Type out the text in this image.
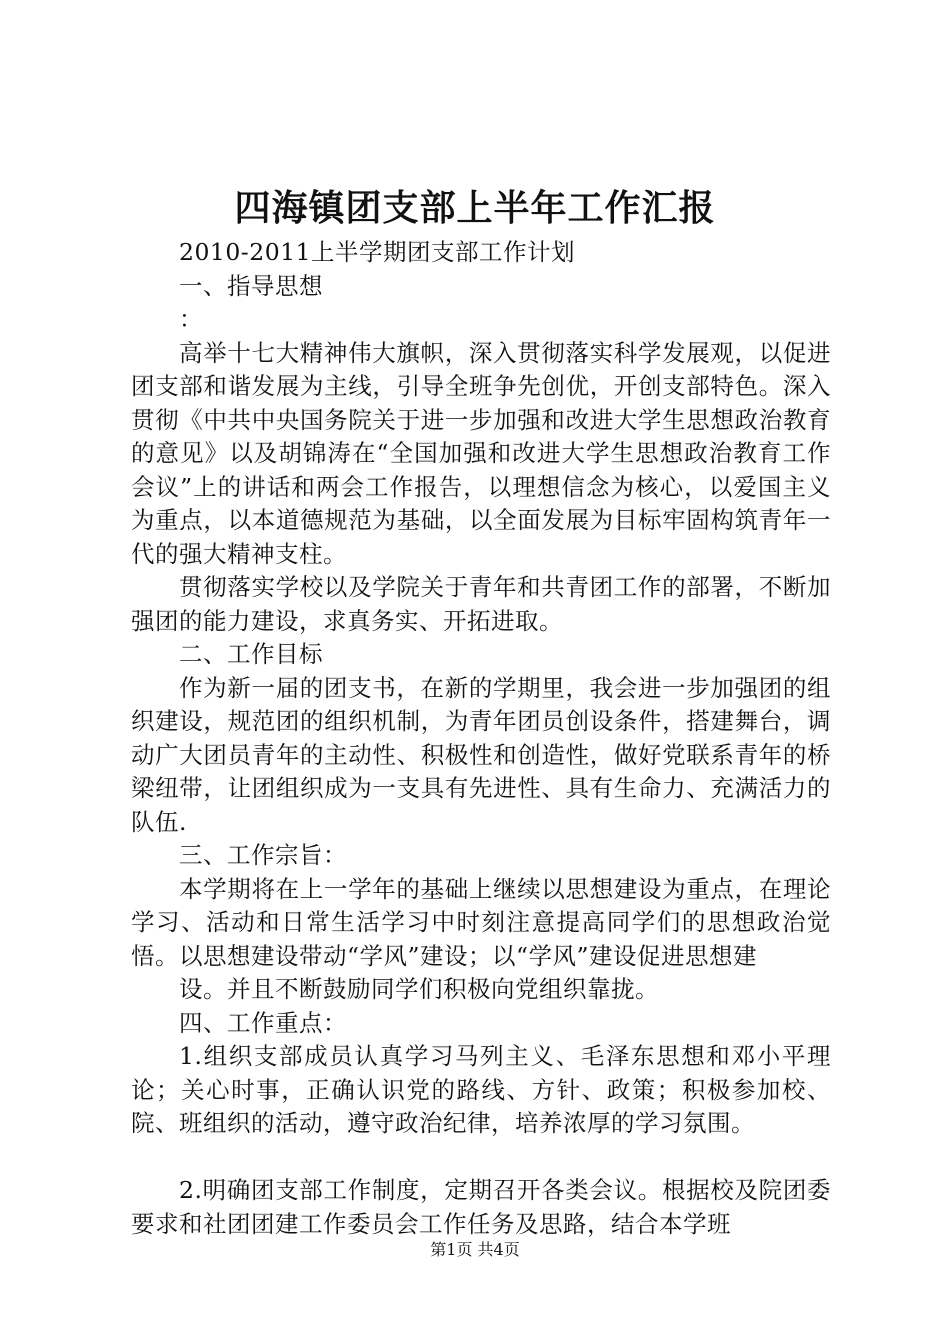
四海镇团支部上半年工作汇报

2010-2011上半学期团支部工作计划

一、指导思想

：

高举十七大精神伟大旗帜，深入贯彻落实科学发展观，以促进团支部和谐发展为主线，引导全班争先创优，开创支部特色。深入贯彻《中共中央国务院关于进一步加强和改进大学生思想政治教育的意见》以及胡锦涛在“全国加强和改进大学生思想政治教育工作会议”上的讲话和两会工作报告，以理想信念为核心，以爱国主义为重点，以本道德规范为基础，以全面发展为目标牢固构筑青年一代的强大精神支柱。

贯彻落实学校以及学院关于青年和共青团工作的部署，不断加强团的能力建设，求真务实、开拓进取。

二、工作目标

作为新一届的团支书，在新的学期里，我会进一步加强团的组织建设，规范团的组织机制，为青年团员创设条件，搭建舞台，调动广大团员青年的主动性、积极性和创造性，做好党联系青年的桥梁纽带，让团组织成为一支具有先进性、具有生命力、充满活力的队伍.

三、工作宗旨：

本学期将在上一学年的基础上继续以思想建设为重点，在理论学习、活动和日常生活学习中时刻注意提高同学们的思想政治觉悟。以思想建设带动“学风”建设；以“学风”建设促进思想建

设。并且不断鼓励同学们积极向党组织靠拢。

四、工作重点：

1.组织支部成员认真学习马列主义、毛泽东思想和邓小平理论；关心时事，正确认识党的路线、方针、政策；积极参加校、院、班组织的活动，遵守政治纪律，培养浓厚的学习氛围。

2.明确团支部工作制度，定期召开各类会议。根据校及院团委要求和社团团建工作委员会工作任务及思路，结合本学班

第1页 共4页
